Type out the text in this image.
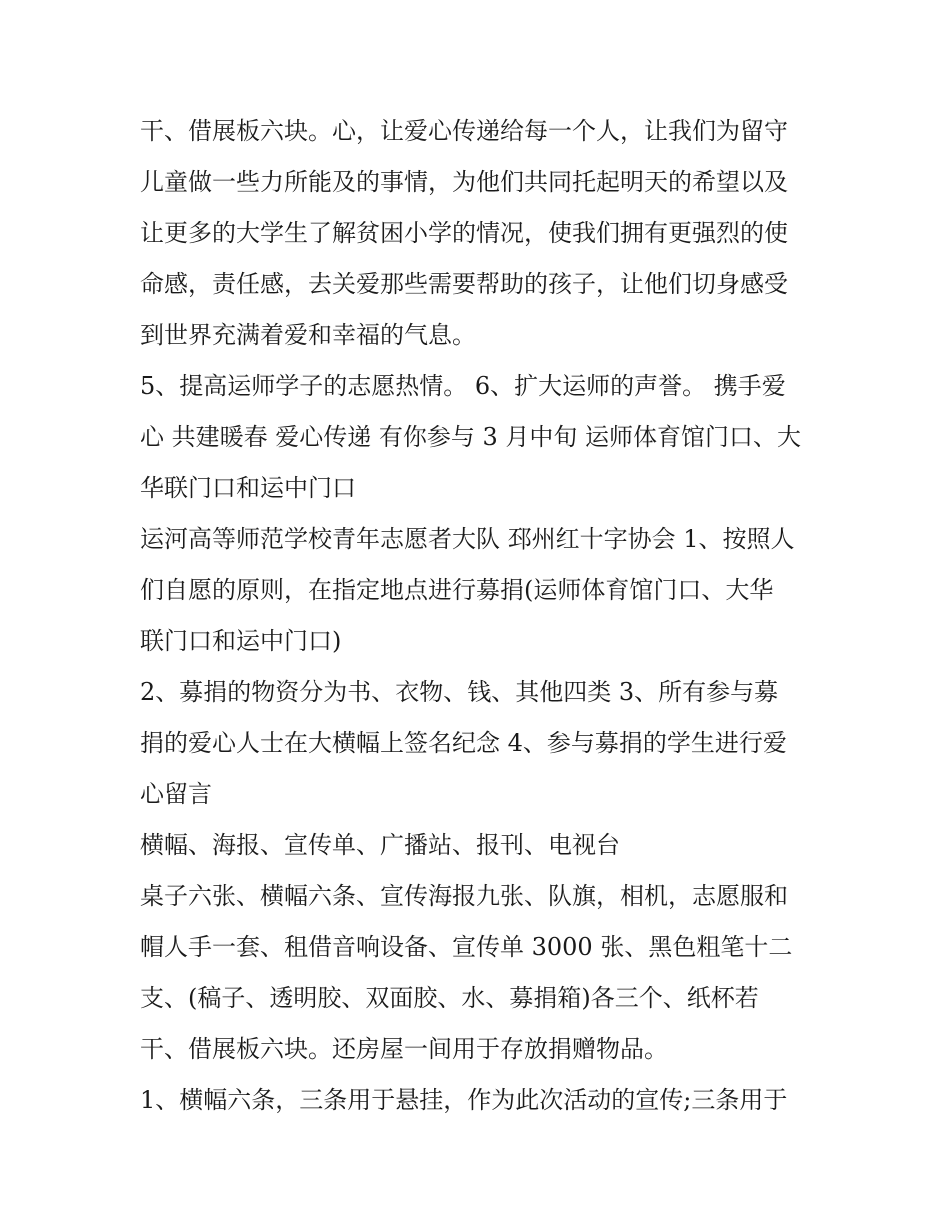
干、借展板六块。心，让爱心传递给每一个人，让我们为留守
儿童做一些力所能及的事情，为他们共同托起明天的希望以及
让更多的大学生了解贫困小学的情况，使我们拥有更强烈的使
命感，责任感，去关爱那些需要帮助的孩子，让他们切身感受
到世界充满着爱和幸福的气息。
5、提高运师学子的志愿热情。 6、扩大运师的声誉。 携手爱
心 共建暖春 爱心传递 有你参与 3 月中旬 运师体育馆门口、大
华联门口和运中门口
运河高等师范学校青年志愿者大队 邳州红十字协会 1、按照人
们自愿的原则，在指定地点进行募捐(运师体育馆门口、大华
联门口和运中门口)
2、募捐的物资分为书、衣物、钱、其他四类 3、所有参与募
捐的爱心人士在大横幅上签名纪念 4、参与募捐的学生进行爱
心留言
横幅、海报、宣传单、广播站、报刊、电视台
桌子六张、横幅六条、宣传海报九张、队旗，相机，志愿服和
帽人手一套、租借音响设备、宣传单 3000 张、黑色粗笔十二
支、(稿子、透明胶、双面胶、水、募捐箱)各三个、纸杯若
干、借展板六块。还房屋一间用于存放捐赠物品。
1、横幅六条，三条用于悬挂，作为此次活动的宣传;三条用于
